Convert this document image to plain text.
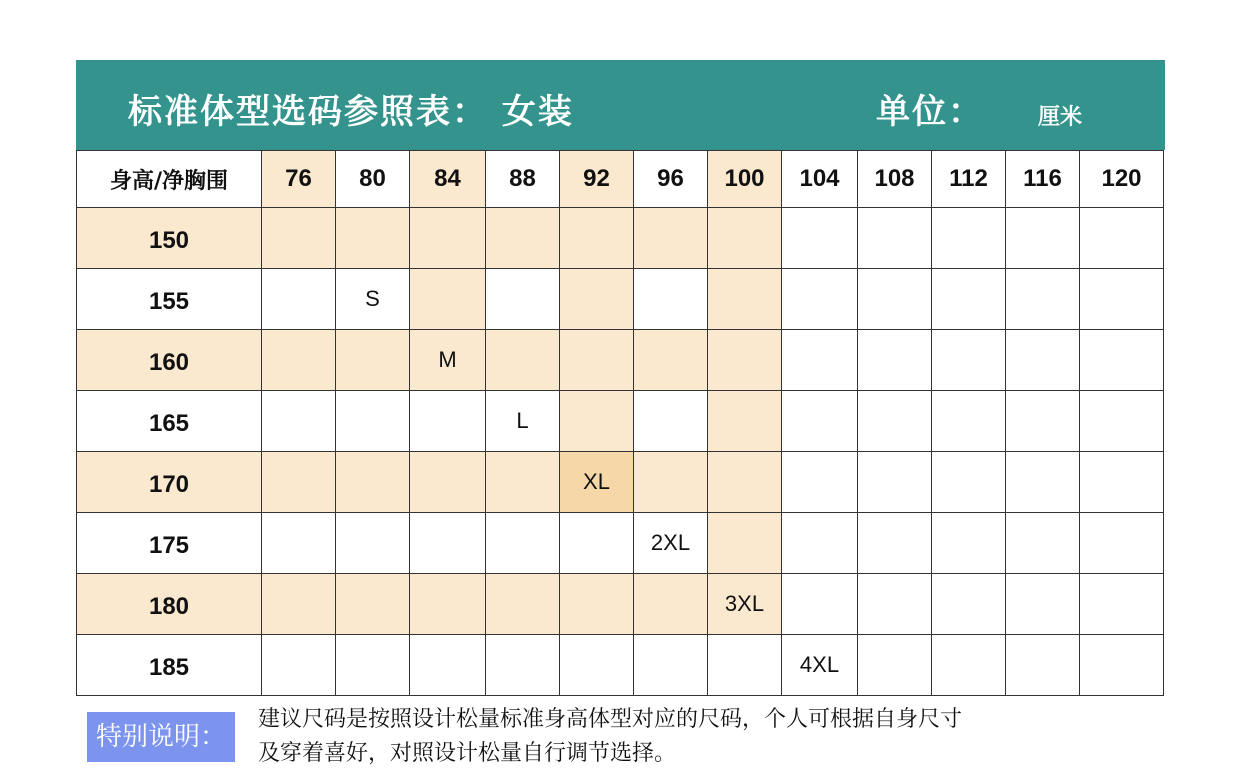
标准体型选码参照表： 女装	单位： 厘米
身高/净胸围	76	80	84	88	92	96	100	104	108	112	116	120
150												
155		S										
160			M									
165				L								
170					XL							
175						2XL						
180							3XL					
185								4XL				
特别说明：
建议尺码是按照设计松量标准身高体型对应的尺码，个人可根据自身尺寸
及穿着喜好，对照设计松量自行调节选择。
